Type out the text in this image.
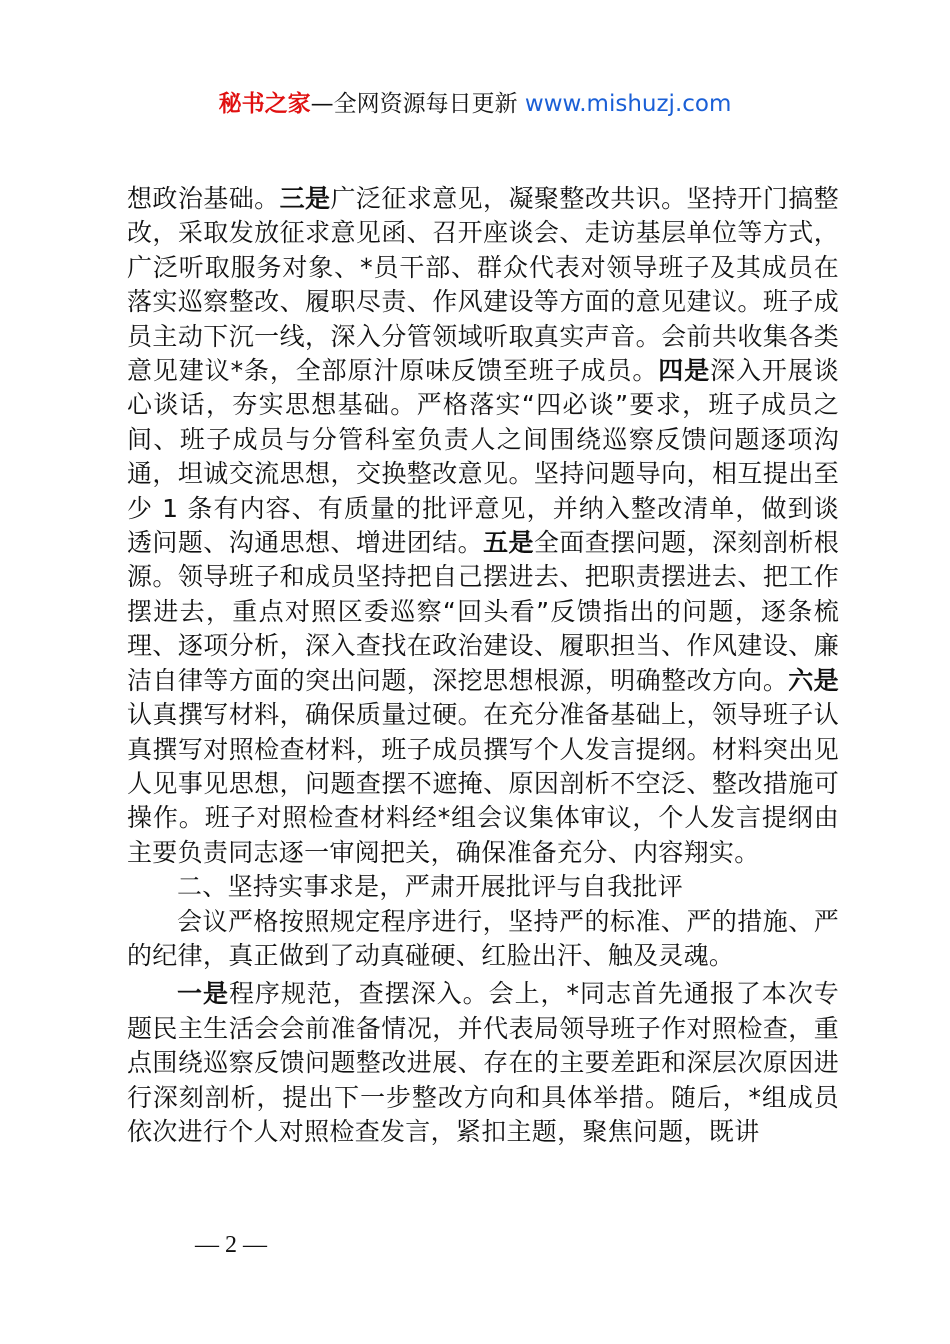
秘书之家—全网资源每日更新 www.mishuzj.com

想政治基础。三是广泛征求意见，凝聚整改共识。坚持开门搞整改，采取发放征求意见函、召开座谈会、走访基层单位等方式，广泛听取服务对象、*员干部、群众代表对领导班子及其成员在落实巡察整改、履职尽责、作风建设等方面的意见建议。班子成员主动下沉一线，深入分管领域听取真实声音。会前共收集各类意见建议*条，全部原汁原味反馈至班子成员。四是深入开展谈心谈话，夯实思想基础。严格落实“四必谈”要求，班子成员之间、班子成员与分管科室负责人之间围绕巡察反馈问题逐项沟通，坦诚交流思想，交换整改意见。坚持问题导向，相互提出至少 1 条有内容、有质量的批评意见，并纳入整改清单，做到谈透问题、沟通思想、增进团结。五是全面查摆问题，深刻剖析根源。领导班子和成员坚持把自己摆进去、把职责摆进去、把工作摆进去，重点对照区委巡察“回头看”反馈指出的问题，逐条梳理、逐项分析，深入查找在政治建设、履职担当、作风建设、廉洁自律等方面的突出问题，深挖思想根源，明确整改方向。六是认真撰写材料，确保质量过硬。在充分准备基础上，领导班子认真撰写对照检查材料，班子成员撰写个人发言提纲。材料突出见人见事见思想，问题查摆不遮掩、原因剖析不空泛、整改措施可操作。班子对照检查材料经*组会议集体审议，个人发言提纲由主要负责同志逐一审阅把关，确保准备充分、内容翔实。

二、坚持实事求是，严肃开展批评与自我批评

会议严格按照规定程序进行，坚持严的标准、严的措施、严的纪律，真正做到了动真碰硬、红脸出汗、触及灵魂。

一是程序规范，查摆深入。会上，*同志首先通报了本次专题民主生活会会前准备情况，并代表局领导班子作对照检查，重点围绕巡察反馈问题整改进展、存在的主要差距和深层次原因进行深刻剖析，提出下一步整改方向和具体举措。随后，*组成员依次进行个人对照检查发言，紧扣主题，聚焦问题，既讲

— 2 —
